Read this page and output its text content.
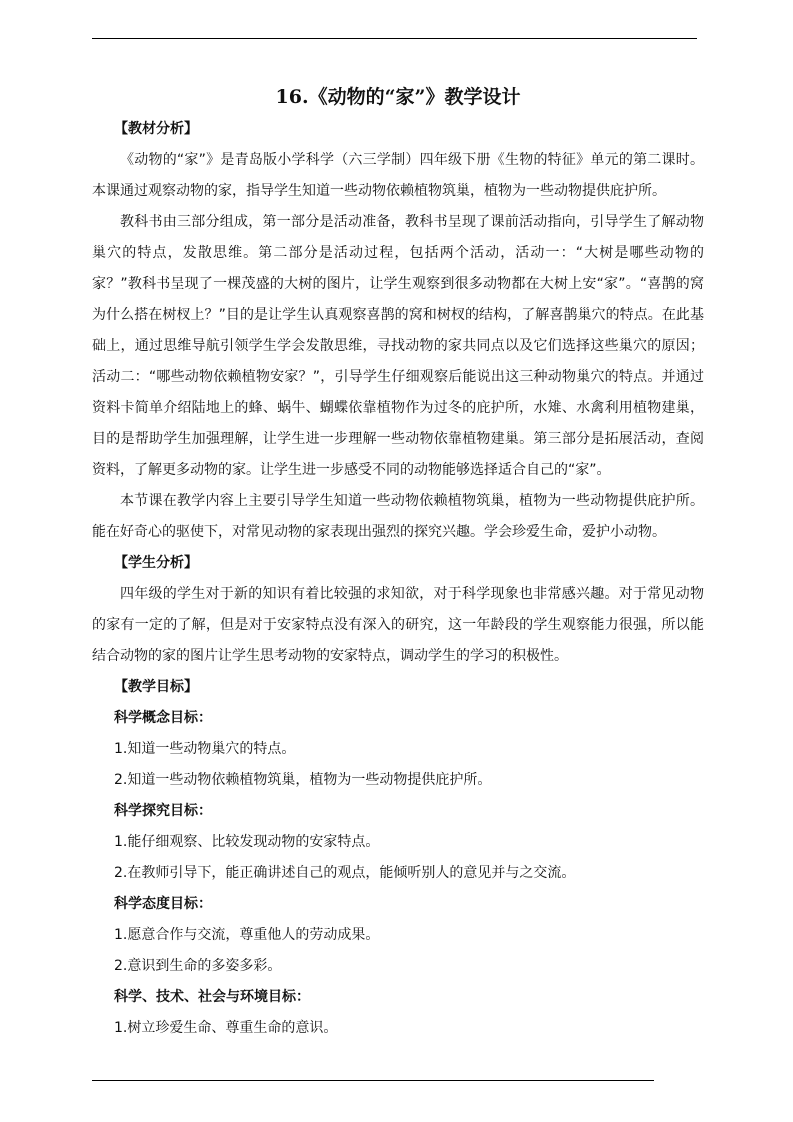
16.《动物的“家”》教学设计

【教材分析】

《动物的“家”》是青岛版小学科学（六三学制）四年级下册《生物的特征》单元的第二课时。本课通过观察动物的家，指导学生知道一些动物依赖植物筑巢，植物为一些动物提供庇护所。

教科书由三部分组成，第一部分是活动准备，教科书呈现了课前活动指向，引导学生了解动物巢穴的特点，发散思维。第二部分是活动过程，包括两个活动，活动一：“大树是哪些动物的家？”教科书呈现了一棵茂盛的大树的图片，让学生观察到很多动物都在大树上安“家”。“喜鹊的窝为什么搭在树杈上？”目的是让学生认真观察喜鹊的窝和树杈的结构，了解喜鹊巢穴的特点。在此基础上，通过思维导航引领学生学会发散思维，寻找动物的家共同点以及它们选择这些巢穴的原因；活动二：“哪些动物依赖植物安家？”，引导学生仔细观察后能说出这三种动物巢穴的特点。并通过资料卡简单介绍陆地上的蜂、蜗牛、蝴蝶依靠植物作为过冬的庇护所，水雉、水禽利用植物建巢，目的是帮助学生加强理解，让学生进一步理解一些动物依靠植物建巢。第三部分是拓展活动，查阅资料，了解更多动物的家。让学生进一步感受不同的动物能够选择适合自己的“家”。

本节课在教学内容上主要引导学生知道一些动物依赖植物筑巢，植物为一些动物提供庇护所。能在好奇心的驱使下，对常见动物的家表现出强烈的探究兴趣。学会珍爱生命，爱护小动物。

【学生分析】

四年级的学生对于新的知识有着比较强的求知欲，对于科学现象也非常感兴趣。对于常见动物的家有一定的了解，但是对于安家特点没有深入的研究，这一年龄段的学生观察能力很强，所以能结合动物的家的图片让学生思考动物的安家特点，调动学生的学习的积极性。

【教学目标】

科学概念目标：

1.知道一些动物巢穴的特点。

2.知道一些动物依赖植物筑巢，植物为一些动物提供庇护所。

科学探究目标：

1.能仔细观察、比较发现动物的安家特点。

2.在教师引导下，能正确讲述自己的观点，能倾听别人的意见并与之交流。

科学态度目标：

1.愿意合作与交流，尊重他人的劳动成果。

2.意识到生命的多姿多彩。

科学、技术、社会与环境目标：

1.树立珍爱生命、尊重生命的意识。
